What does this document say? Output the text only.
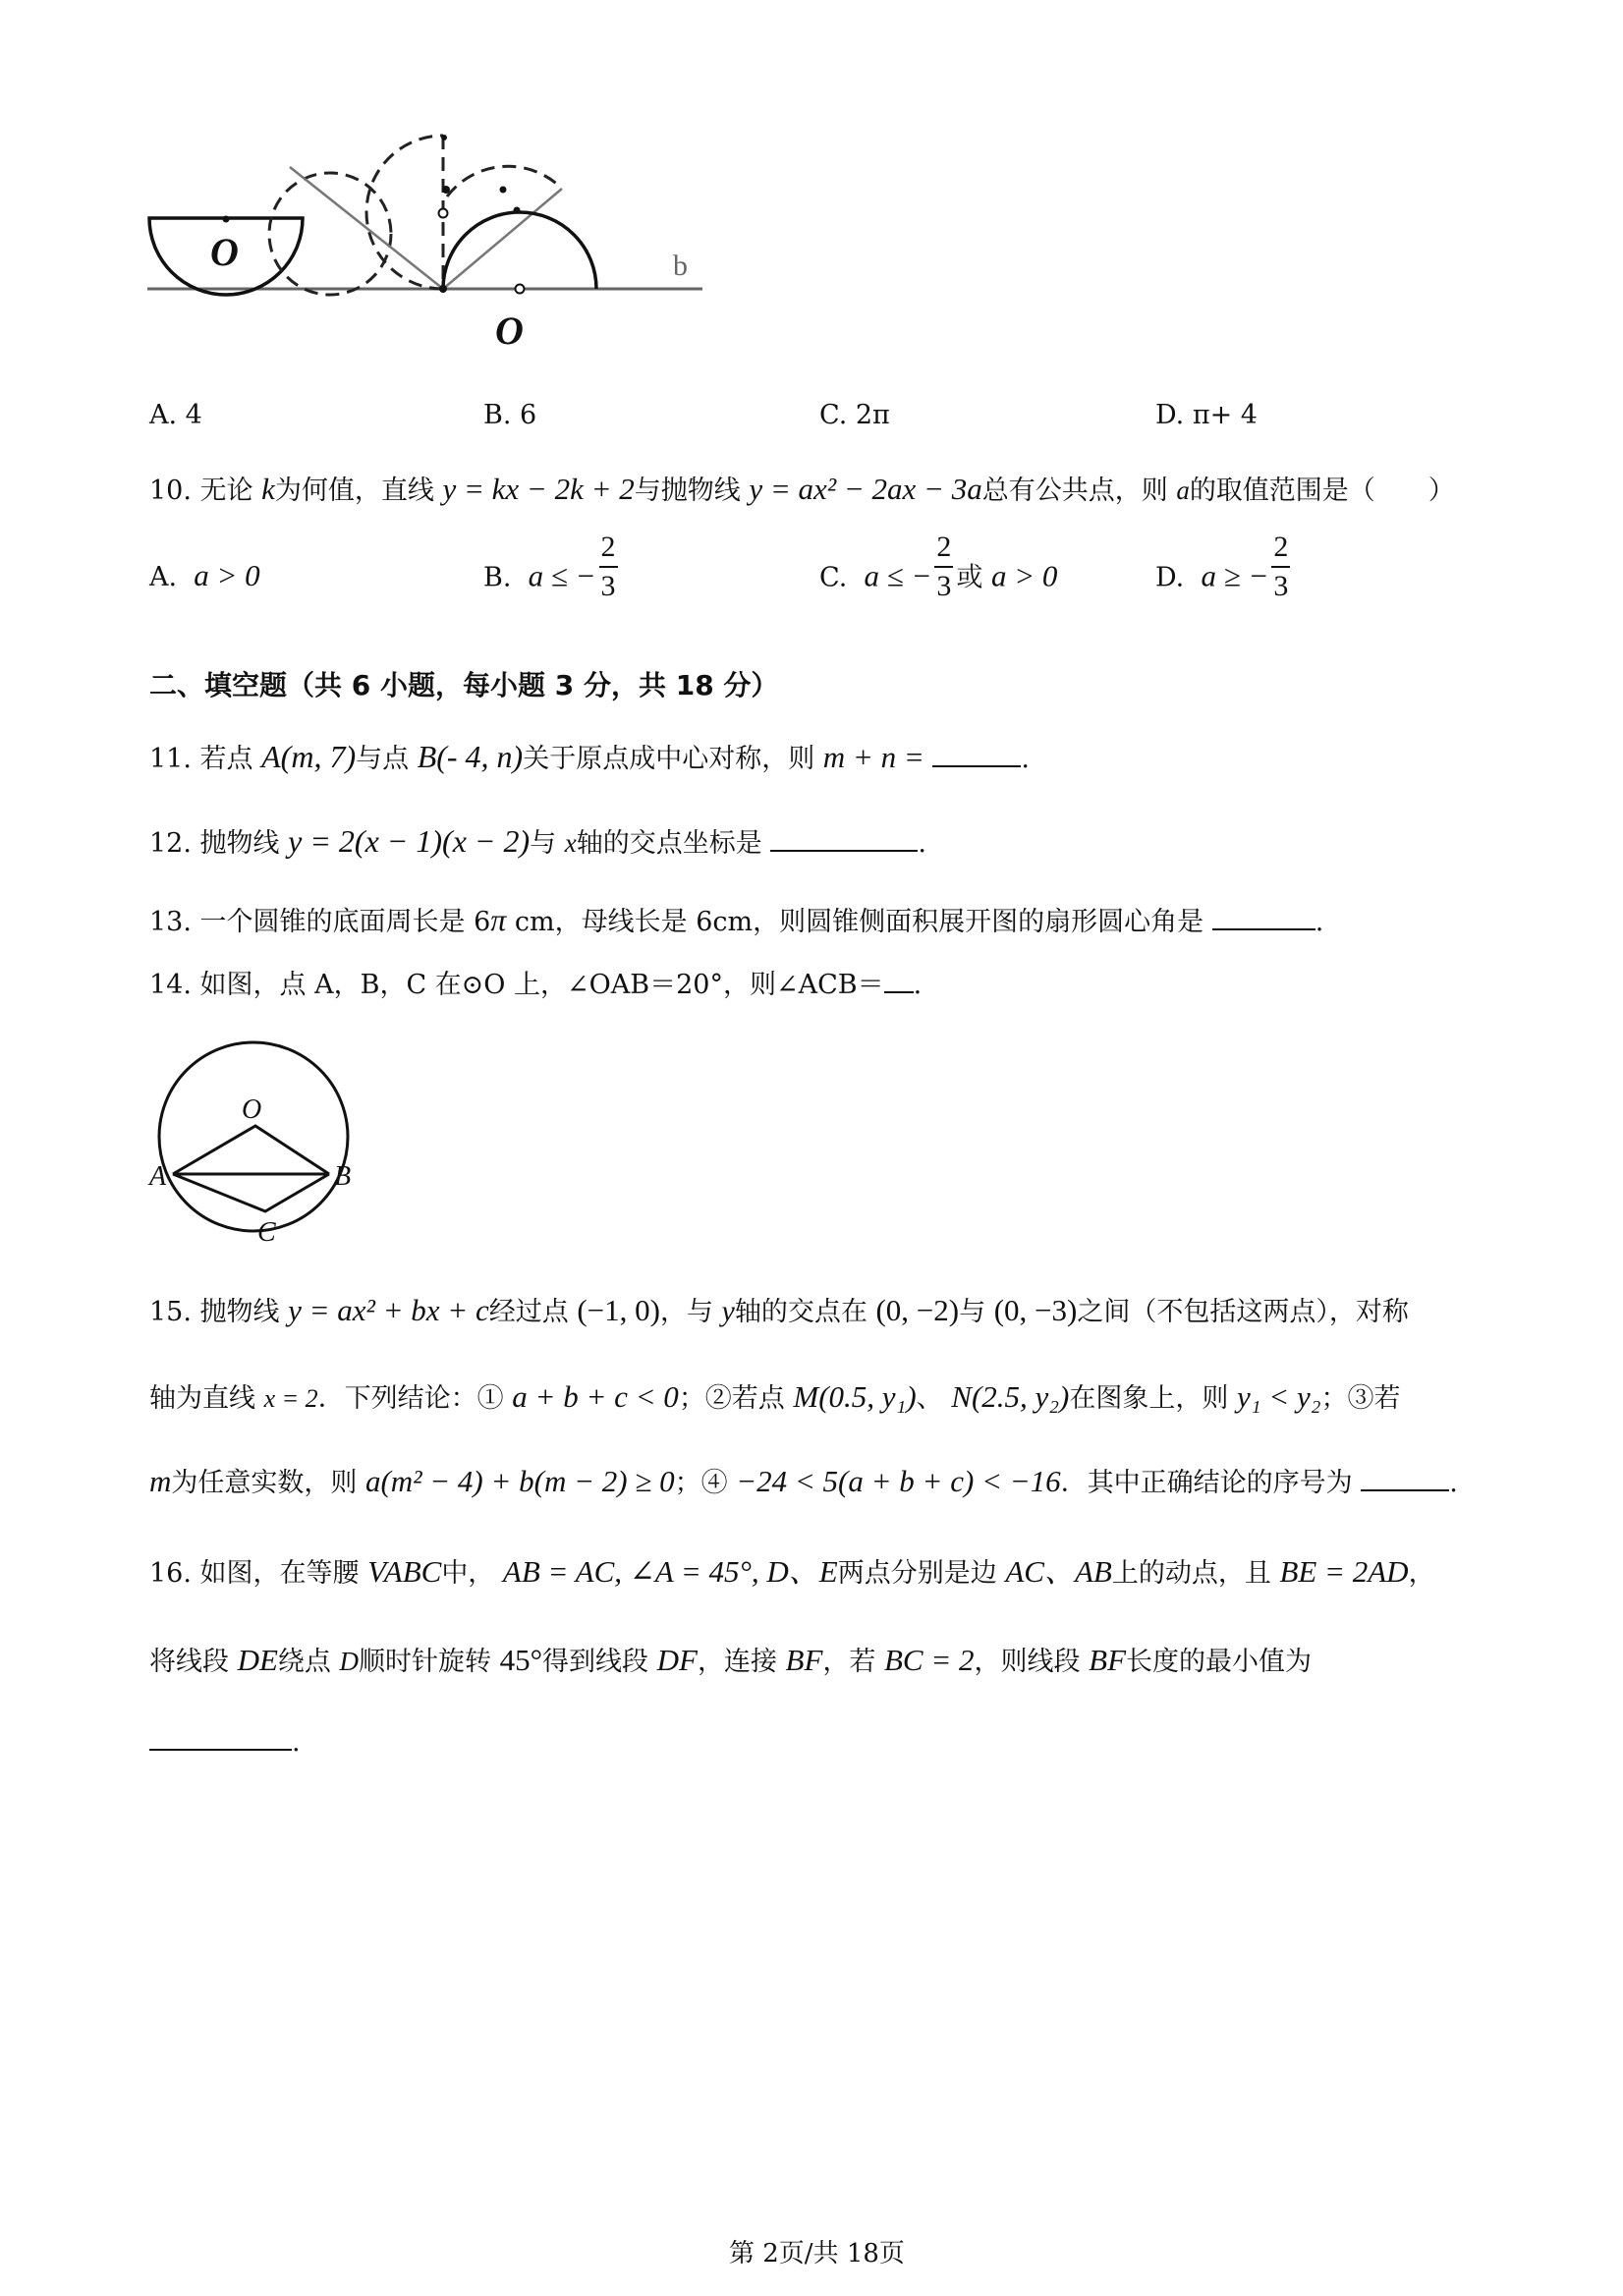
O
O
b
A. 4	B. 6	C. 2π	D. π+ 4
10. 无论 k为何值，直线 y = kx − 2k + 2与抛物线 y = ax² − 2ax − 3a总有公共点，则 a的取值范围是（　　）
A. a > 0	B. a ≤ − $\frac{2}{3}$	C. a ≤ − $\frac{2}{3}$ 或 a > 0	D. a ≥ − $\frac{2}{3}$
二、填空题（共 6 小题，每小题 3 分，共 18 分）
11. 若点 A(m, 7)与点 B(- 4, n)关于原点成中心对称，则 m + n =	.
12. 抛物线 y = 2(x − 1)(x − 2)与 x轴的交点坐标是	.
13. 一个圆锥的底面周长是 6π cm，母线长是 6cm，则圆锥侧面积展开图的扇形圆心角是	.
14. 如图，点 A，B，C 在⊙O 上，∠OAB＝20°，则∠ACB＝ .
O
A	B
C
15. 抛物线 y = ax² + bx + c经过点 (−1, 0)，与 y轴的交点在 (0, −2)与 (0, −3)之间（不包括这两点），对称
轴为直线 x = 2．下列结论：① a + b + c < 0；②若点 M(0.5, y₁)、 N(2.5, y₂)在图象上，则 y₁ < y₂；③若
m为任意实数，则 a(m² − 4) + b(m − 2) ≥ 0；④ −24 < 5(a + b + c) < −16．其中正确结论的序号为	.
16. 如图，在等腰 VABC中， AB = AC, ∠A = 45°, D、E两点分别是边 AC、AB上的动点，且 BE = 2AD，
将线段 DE绕点 D顺时针旋转 45°得到线段 DF，连接 BF，若 BC = 2，则线段 BF长度的最小值为
.
第 2页/共 18页
